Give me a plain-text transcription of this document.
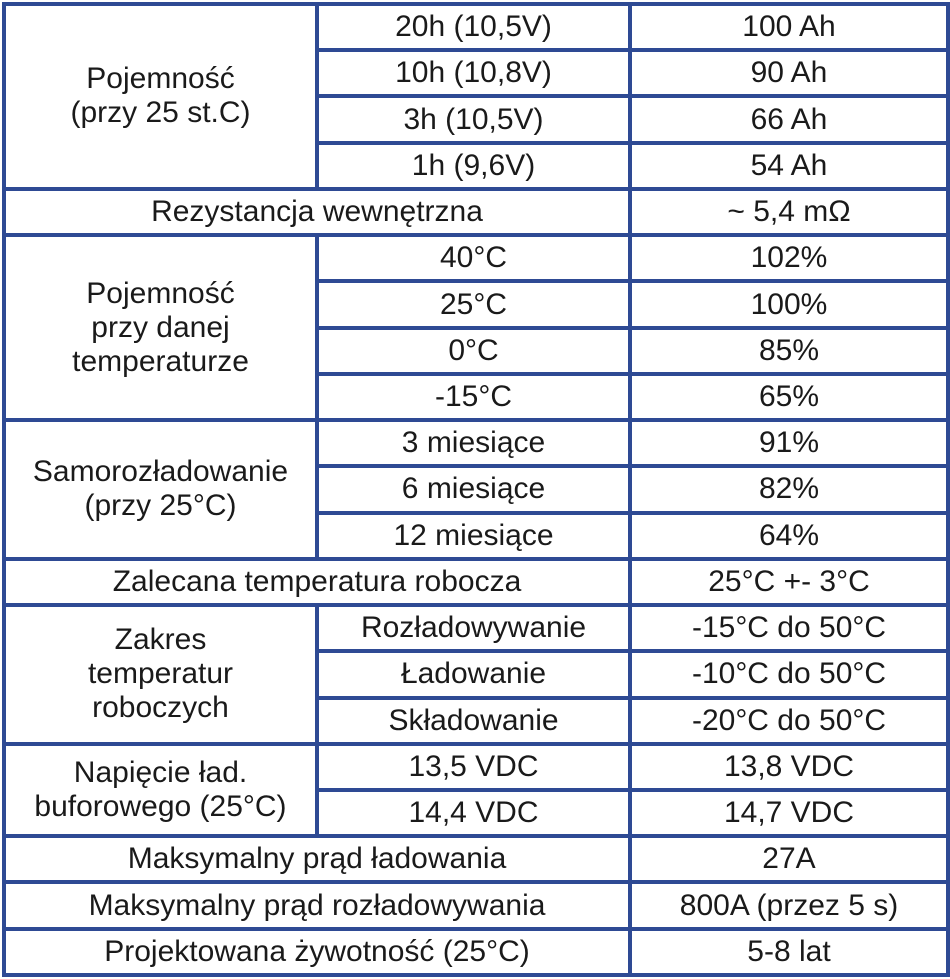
Pojemność
(przy 25 st.C)	20h (10,5V)	100 Ah
	10h (10,8V)	90 Ah
	3h (10,5V)	66 Ah
	1h (9,6V)	54 Ah
Rezystancja wewnętrzna		~ 5,4 mΩ
Pojemność
przy danej
temperaturze	40°C	102%
	25°C	100%
	0°C	85%
	-15°C	65%
Samorozładowanie
(przy 25°C)	3 miesiące	91%
	6 miesiące	82%
	12 miesiące	64%
Zalecana temperatura robocza		25°C +- 3°C
Zakres
temperatur
roboczych	Rozładowywanie	-15°C do 50°C
	Ładowanie	-10°C do 50°C
	Składowanie	-20°C do 50°C
Napięcie ład.
buforowego (25°C)	13,5 VDC	13,8 VDC
	14,4 VDC	14,7 VDC
Maksymalny prąd ładowania		27A
Maksymalny prąd rozładowywania		800A (przez 5 s)
Projektowana żywotność (25°C)		5-8 lat
